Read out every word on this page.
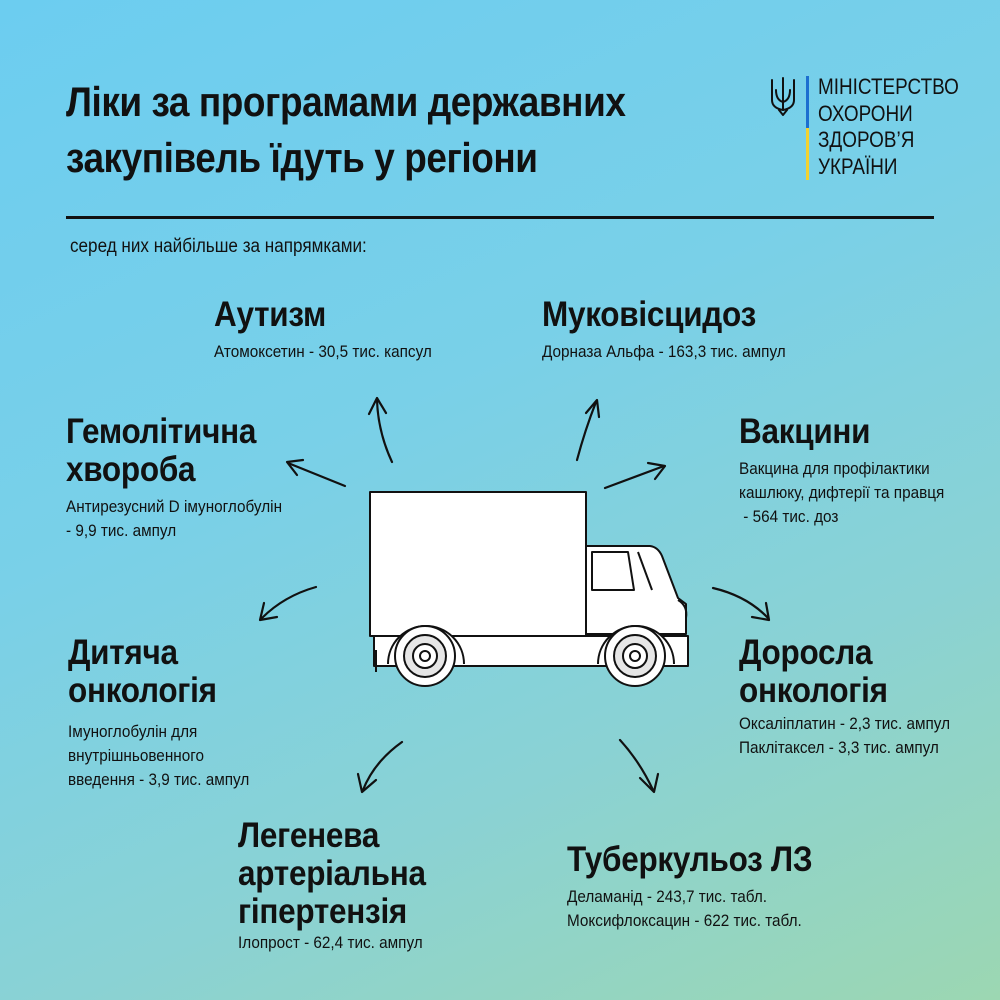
Ліки за програмами державних
закупівель їдуть у регіони
МІНІСТЕРСТВО
ОХОРОНИ
ЗДОРОВ’Я
УКРАЇНИ
серед них найбільше за напрямками:
Аутизм
Атомоксетин - 30,5 тис. капсул
Муковісцидоз
Дорназа Альфа - 163,3 тис. ампул
Гемолітична
хвороба
Антирезусний D імуноглобулін
- 9,9 тис. ампул
Вакцини
Вакцина для профілактики
кашлюку, дифтерії та правця
- 564 тис. доз
Дитяча
онкологія
Імуноглобулін для
внутрішньовенного
введення - 3,9 тис. ампул
Доросла
онкологія
Оксаліплатин - 2,3 тис. ампул
Паклітаксел - 3,3 тис. ампул
Легенева
артеріальна
гіпертензія
Ілопрост - 62,4 тис. ампул
Туберкульоз ЛЗ
Деламанід - 243,7 тис. табл.
Моксифлоксацин - 622 тис. табл.
